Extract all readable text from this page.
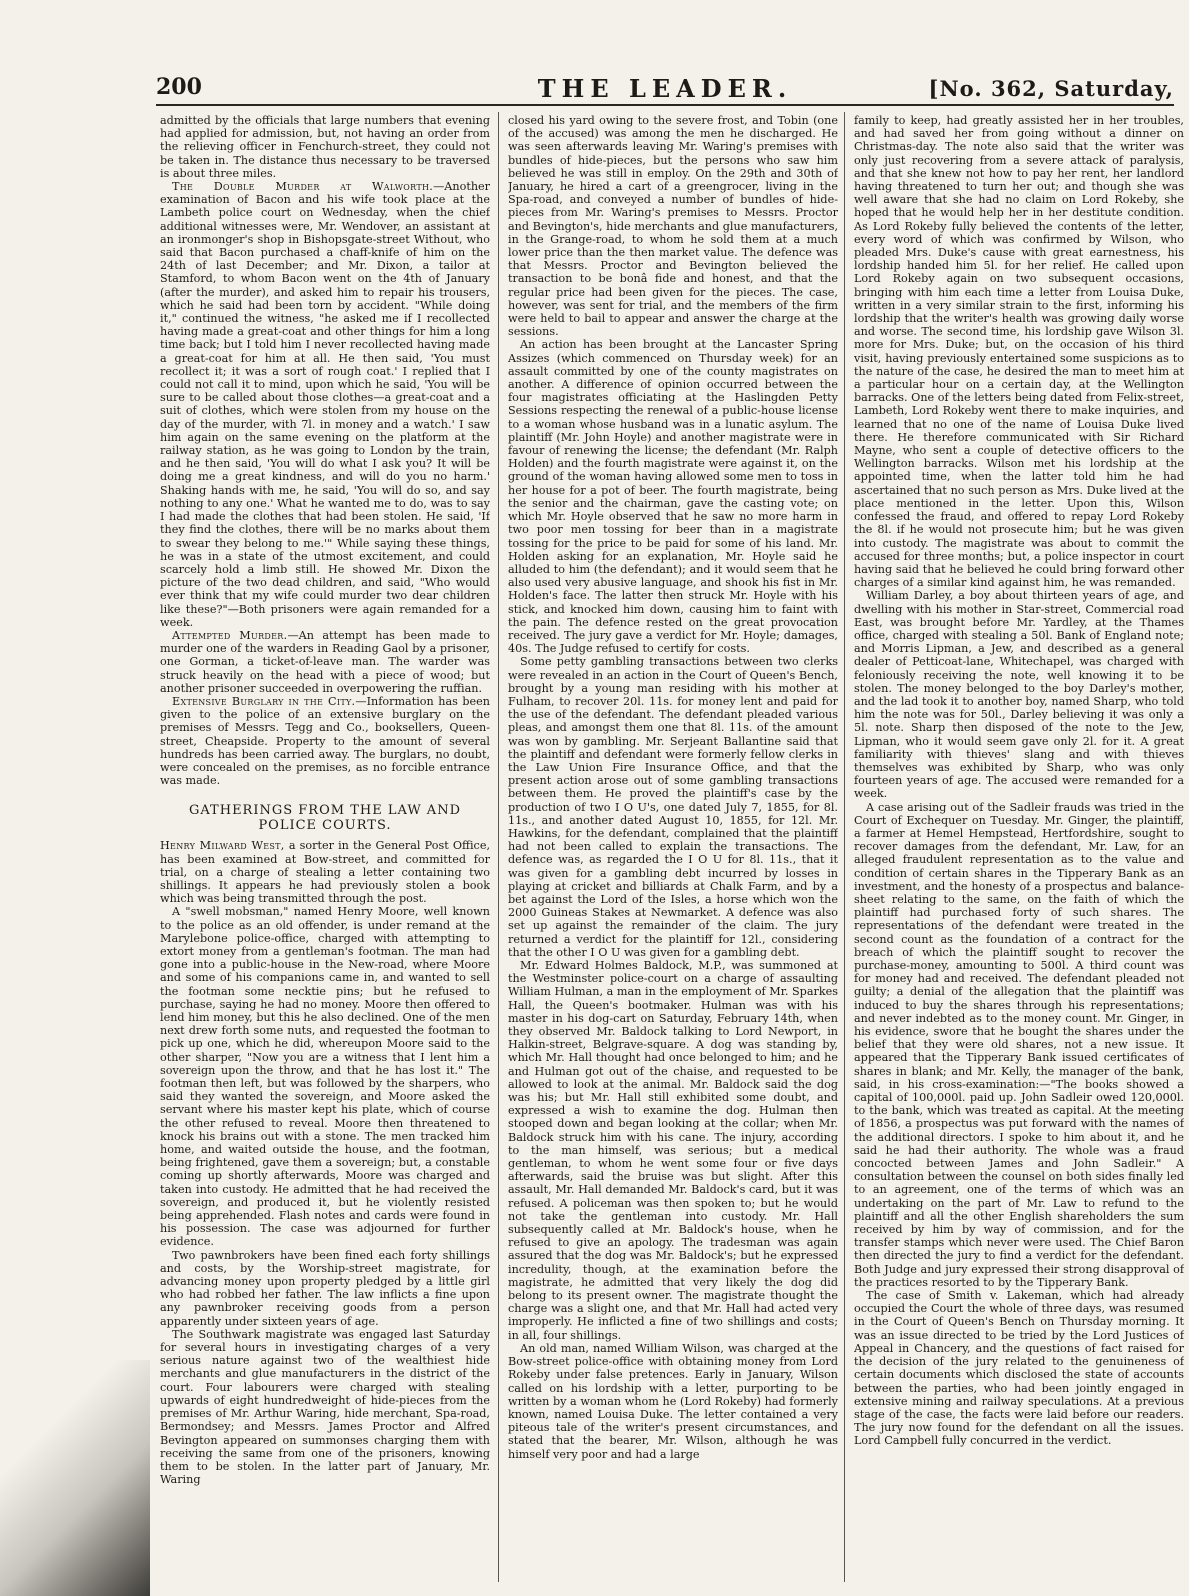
200	THE LEADER.	[No. 362, Saturday,

admitted by the officials that large numbers that evening had applied for admission, but, not having an order from the relieving officer in Fenchurch-street, they could not be taken in. The distance thus necessary to be traversed is about three miles.

The Double Murder at Walworth.—Another examination of Bacon and his wife took place at the Lambeth police court on Wednesday, when the chief additional witnesses were, Mr. Wendover, an assistant at an ironmonger's shop in Bishopsgate-street Without, who said that Bacon purchased a chaff-knife of him on the 24th of last December; and Mr. Dixon, a tailor at Stamford, to whom Bacon went on the 4th of January (after the murder), and asked him to repair his trousers, which he said had been torn by accident. "While doing it," continued the witness, "he asked me if I recollected having made a great-coat and other things for him a long time back; but I told him I never recollected having made a great-coat for him at all. He then said, 'You must recollect it; it was a sort of rough coat.' I replied that I could not call it to mind, upon which he said, 'You will be sure to be called about those clothes—a great-coat and a suit of clothes, which were stolen from my house on the day of the murder, with 7l. in money and a watch.' I saw him again on the same evening on the platform at the railway station, as he was going to London by the train, and he then said, 'You will do what I ask you? It will be doing me a great kindness, and will do you no harm.' Shaking hands with me, he said, 'You will do so, and say nothing to any one.' What he wanted me to do, was to say I had made the clothes that had been stolen. He said, 'If they find the clothes, there will be no marks about them to swear they belong to me.'" While saying these things, he was in a state of the utmost excitement, and could scarcely hold a limb still. He showed Mr. Dixon the picture of the two dead children, and said, "Who would ever think that my wife could murder two dear children like these?"—Both prisoners were again remanded for a week.

Attempted Murder.—An attempt has been made to murder one of the warders in Reading Gaol by a prisoner, one Gorman, a ticket-of-leave man. The warder was struck heavily on the head with a piece of wood; but another prisoner succeeded in overpowering the ruffian.

Extensive Burglary in the City.—Information has been given to the police of an extensive burglary on the premises of Messrs. Tegg and Co., booksellers, Queen-street, Cheapside. Property to the amount of several hundreds has been carried away. The burglars, no doubt, were concealed on the premises, as no forcible entrance was made.

GATHERINGS FROM THE LAW AND
POLICE COURTS.

Henry Milward West, a sorter in the General Post Office, has been examined at Bow-street, and committed for trial, on a charge of stealing a letter containing two shillings. It appears he had previously stolen a book which was being transmitted through the post.

A "swell mobsman," named Henry Moore, well known to the police as an old offender, is under remand at the Marylebone police-office, charged with attempting to extort money from a gentleman's footman. The man had gone into a public-house in the New-road, where Moore and some of his companions came in, and wanted to sell the footman some necktie pins; but he refused to purchase, saying he had no money. Moore then offered to lend him money, but this he also declined. One of the men next drew forth some nuts, and requested the footman to pick up one, which he did, whereupon Moore said to the other sharper, "Now you are a witness that I lent him a sovereign upon the throw, and that he has lost it." The footman then left, but was followed by the sharpers, who said they wanted the sovereign, and Moore asked the servant where his master kept his plate, which of course the other refused to reveal. Moore then threatened to knock his brains out with a stone. The men tracked him home, and waited outside the house, and the footman, being frightened, gave them a sovereign; but, a constable coming up shortly afterwards, Moore was charged and taken into custody. He admitted that he had received the sovereign, and produced it, but he violently resisted being apprehended. Flash notes and cards were found in his possession. The case was adjourned for further evidence.

Two pawnbrokers have been fined each forty shillings and costs, by the Worship-street magistrate, for advancing money upon property pledged by a little girl who had robbed her father. The law inflicts a fine upon any pawnbroker receiving goods from a person apparently under sixteen years of age.

The Southwark magistrate was engaged last Saturday for several hours in investigating charges of a very serious nature against two of the wealthiest hide merchants and glue manufacturers in the district of the court. Four labourers were charged with stealing upwards of eight hundredweight of hide-pieces from the premises of Mr. Arthur Waring, hide merchant, Spa-road, Bermondsey; and Messrs. James Proctor and Alfred Bevington appeared on summonses charging them with receiving the same from one of the prisoners, knowing them to be stolen. In the latter part of January, Mr. Waring

closed his yard owing to the severe frost, and Tobin (one of the accused) was among the men he discharged. He was seen afterwards leaving Mr. Waring's premises with bundles of hide-pieces, but the persons who saw him believed he was still in employ. On the 29th and 30th of January, he hired a cart of a greengrocer, living in the Spa-road, and conveyed a number of bundles of hide-pieces from Mr. Waring's premises to Messrs. Proctor and Bevington's, hide merchants and glue manufacturers, in the Grange-road, to whom he sold them at a much lower price than the then market value. The defence was that Messrs. Proctor and Bevington believed the transaction to be bonâ fide and honest, and that the regular price had been given for the pieces. The case, however, was sent for trial, and the members of the firm were held to bail to appear and answer the charge at the sessions.

An action has been brought at the Lancaster Spring Assizes (which commenced on Thursday week) for an assault committed by one of the county magistrates on another. A difference of opinion occurred between the four magistrates officiating at the Haslingden Petty Sessions respecting the renewal of a public-house license to a woman whose husband was in a lunatic asylum. The plaintiff (Mr. John Hoyle) and another magistrate were in favour of renewing the license; the defendant (Mr. Ralph Holden) and the fourth magistrate were against it, on the ground of the woman having allowed some men to toss in her house for a pot of beer. The fourth magistrate, being the senior and the chairman, gave the casting vote; on which Mr. Hoyle observed that he saw no more harm in two poor men tossing for beer than in a magistrate tossing for the price to be paid for some of his land. Mr. Holden asking for an explanation, Mr. Hoyle said he alluded to him (the defendant); and it would seem that he also used very abusive language, and shook his fist in Mr. Holden's face. The latter then struck Mr. Hoyle with his stick, and knocked him down, causing him to faint with the pain. The defence rested on the great provocation received. The jury gave a verdict for Mr. Hoyle; damages, 40s. The Judge refused to certify for costs.

Some petty gambling transactions between two clerks were revealed in an action in the Court of Queen's Bench, brought by a young man residing with his mother at Fulham, to recover 20l. 11s. for money lent and paid for the use of the defendant. The defendant pleaded various pleas, and amongst them one that 8l. 11s. of the amount was won by gambling. Mr. Serjeant Ballantine said that the plaintiff and defendant were formerly fellow clerks in the Law Union Fire Insurance Office, and that the present action arose out of some gambling transactions between them. He proved the plaintiff's case by the production of two I O U's, one dated July 7, 1855, for 8l. 11s., and another dated August 10, 1855, for 12l. Mr. Hawkins, for the defendant, complained that the plaintiff had not been called to explain the transactions. The defence was, as regarded the I O U for 8l. 11s., that it was given for a gambling debt incurred by losses in playing at cricket and billiards at Chalk Farm, and by a bet against the Lord of the Isles, a horse which won the 2000 Guineas Stakes at Newmarket. A defence was also set up against the remainder of the claim. The jury returned a verdict for the plaintiff for 12l., considering that the other I O U was given for a gambling debt.

Mr. Edward Holmes Baldock, M.P., was summoned at the Westminster police-court on a charge of assaulting William Hulman, a man in the employment of Mr. Sparkes Hall, the Queen's bootmaker. Hulman was with his master in his dog-cart on Saturday, February 14th, when they observed Mr. Baldock talking to Lord Newport, in Halkin-street, Belgrave-square. A dog was standing by, which Mr. Hall thought had once belonged to him; and he and Hulman got out of the chaise, and requested to be allowed to look at the animal. Mr. Baldock said the dog was his; but Mr. Hall still exhibited some doubt, and expressed a wish to examine the dog. Hulman then stooped down and began looking at the collar; when Mr. Baldock struck him with his cane. The injury, according to the man himself, was serious; but a medical gentleman, to whom he went some four or five days afterwards, said the bruise was but slight. After this assault, Mr. Hall demanded Mr. Baldock's card, but it was refused. A policeman was then spoken to; but he would not take the gentleman into custody. Mr. Hall subsequently called at Mr. Baldock's house, when he refused to give an apology. The tradesman was again assured that the dog was Mr. Baldock's; but he expressed incredulity, though, at the examination before the magistrate, he admitted that very likely the dog did belong to its present owner. The magistrate thought the charge was a slight one, and that Mr. Hall had acted very improperly. He inflicted a fine of two shillings and costs; in all, four shillings.

An old man, named William Wilson, was charged at the Bow-street police-office with obtaining money from Lord Rokeby under false pretences. Early in January, Wilson called on his lordship with a letter, purporting to be written by a woman whom he (Lord Rokeby) had formerly known, named Louisa Duke. The letter contained a very piteous tale of the writer's present circumstances, and stated that the bearer, Mr. Wilson, although he was himself very poor and had a large

family to keep, had greatly assisted her in her troubles, and had saved her from going without a dinner on Christmas-day. The note also said that the writer was only just recovering from a severe attack of paralysis, and that she knew not how to pay her rent, her landlord having threatened to turn her out; and though she was well aware that she had no claim on Lord Rokeby, she hoped that he would help her in her destitute condition. As Lord Rokeby fully believed the contents of the letter, every word of which was confirmed by Wilson, who pleaded Mrs. Duke's cause with great earnestness, his lordship handed him 5l. for her relief. He called upon Lord Rokeby again on two subsequent occasions, bringing with him each time a letter from Louisa Duke, written in a very similar strain to the first, informing his lordship that the writer's health was growing daily worse and worse. The second time, his lordship gave Wilson 3l. more for Mrs. Duke; but, on the occasion of his third visit, having previously entertained some suspicions as to the nature of the case, he desired the man to meet him at a particular hour on a certain day, at the Wellington barracks. One of the letters being dated from Felix-street, Lambeth, Lord Rokeby went there to make inquiries, and learned that no one of the name of Louisa Duke lived there. He therefore communicated with Sir Richard Mayne, who sent a couple of detective officers to the Wellington barracks. Wilson met his lordship at the appointed time, when the latter told him he had ascertained that no such person as Mrs. Duke lived at the place mentioned in the letter. Upon this, Wilson confessed the fraud, and offered to repay Lord Rokeby the 8l. if he would not prosecute him; but he was given into custody. The magistrate was about to commit the accused for three months; but, a police inspector in court having said that he believed he could bring forward other charges of a similar kind against him, he was remanded.

William Darley, a boy about thirteen years of age, and dwelling with his mother in Star-street, Commercial road East, was brought before Mr. Yardley, at the Thames office, charged with stealing a 50l. Bank of England note; and Morris Lipman, a Jew, and described as a general dealer of Petticoat-lane, Whitechapel, was charged with feloniously receiving the note, well knowing it to be stolen. The money belonged to the boy Darley's mother, and the lad took it to another boy, named Sharp, who told him the note was for 50l., Darley believing it was only a 5l. note. Sharp then disposed of the note to the Jew, Lipman, who it would seem gave only 2l. for it. A great familiarity with thieves' slang and with thieves themselves was exhibited by Sharp, who was only fourteen years of age. The accused were remanded for a week.

A case arising out of the Sadleir frauds was tried in the Court of Exchequer on Tuesday. Mr. Ginger, the plaintiff, a farmer at Hemel Hempstead, Hertfordshire, sought to recover damages from the defendant, Mr. Law, for an alleged fraudulent representation as to the value and condition of certain shares in the Tipperary Bank as an investment, and the honesty of a prospectus and balance-sheet relating to the same, on the faith of which the plaintiff had purchased forty of such shares. The representations of the defendant were treated in the second count as the foundation of a contract for the breach of which the plaintiff sought to recover the purchase-money, amounting to 500l. A third count was for money had and received. The defendant pleaded not guilty; a denial of the allegation that the plaintiff was induced to buy the shares through his representations; and never indebted as to the money count. Mr. Ginger, in his evidence, swore that he bought the shares under the belief that they were old shares, not a new issue. It appeared that the Tipperary Bank issued certificates of shares in blank; and Mr. Kelly, the manager of the bank, said, in his cross-examination:—"The books showed a capital of 100,000l. paid up. John Sadleir owed 120,000l. to the bank, which was treated as capital. At the meeting of 1856, a prospectus was put forward with the names of the additional directors. I spoke to him about it, and he said he had their authority. The whole was a fraud concocted between James and John Sadleir." A consultation between the counsel on both sides finally led to an agreement, one of the terms of which was an undertaking on the part of Mr. Law to refund to the plaintiff and all the other English shareholders the sum received by him by way of commission, and for the transfer stamps which never were used. The Chief Baron then directed the jury to find a verdict for the defendant. Both Judge and jury expressed their strong disapproval of the practices resorted to by the Tipperary Bank.

The case of Smith v. Lakeman, which had already occupied the Court the whole of three days, was resumed in the Court of Queen's Bench on Thursday morning. It was an issue directed to be tried by the Lord Justices of Appeal in Chancery, and the questions of fact raised for the decision of the jury related to the genuineness of certain documents which disclosed the state of accounts between the parties, who had been jointly engaged in extensive mining and railway speculations. At a previous stage of the case, the facts were laid before our readers. The jury now found for the defendant on all the issues. Lord Campbell fully concurred in the verdict.
